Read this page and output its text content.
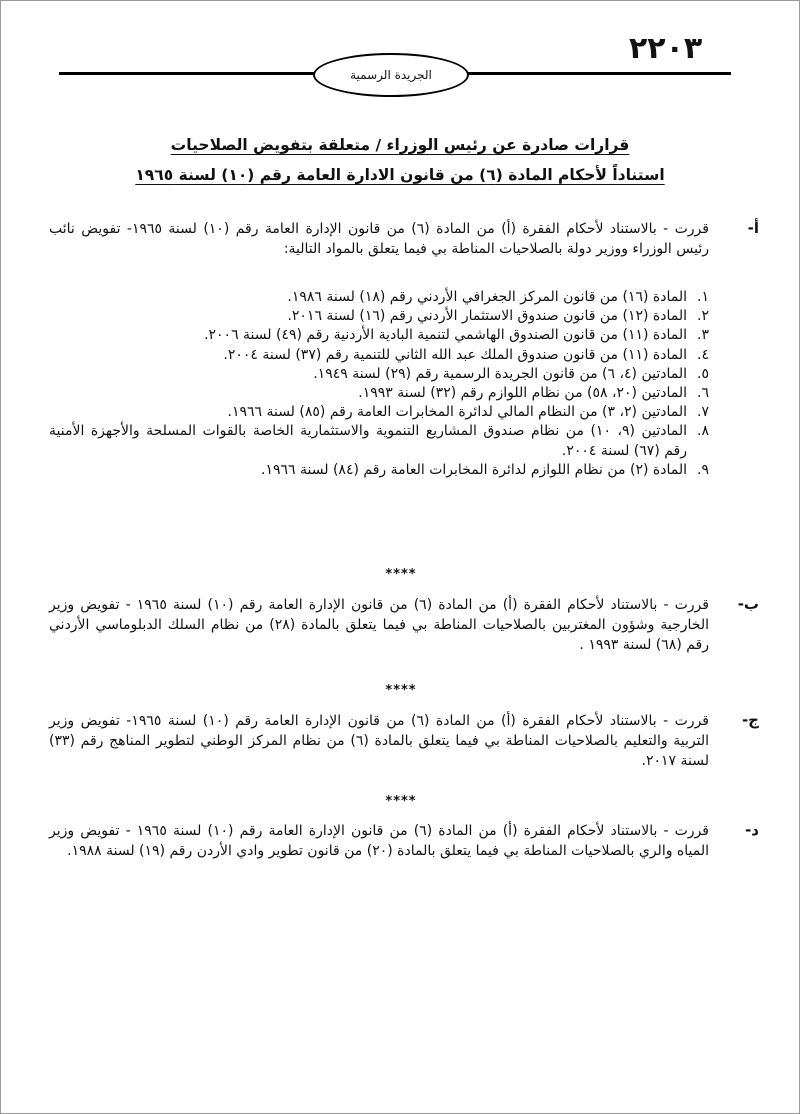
٢٢٠٣
الجريدة الرسمية
قرارات صادرة عن رئيس الوزراء / متعلقة بتفويض الصلاحيات
استناداً لأحكام المادة (٦) من قانون الادارة العامة رقم (١٠) لسنة ١٩٦٥
أ-
قررت - بالاستناد لأحكام الفقرة (أ) من المادة (٦) من قانون الإدارة العامة رقم (١٠) لسنة ١٩٦٥- تفويض نائب رئيس الوزراء ووزير دولة بالصلاحيات المناطة بي فيما يتعلق بالمواد التالية:
١.
المادة (١٦) من قانون المركز الجغرافي الأردني رقم (١٨) لسنة ١٩٨٦.
٢.
المادة (١٢) من قانون صندوق الاستثمار الأردني رقم (١٦) لسنة ٢٠١٦.
٣.
المادة (١١) من قانون الصندوق الهاشمي لتنمية البادية الأردنية رقم (٤٩) لسنة ٢٠٠٦.
٤.
المادة (١١) من قانون صندوق الملك عبد الله الثاني للتنمية رقم (٣٧) لسنة ٢٠٠٤.
٥.
المادتين (٤، ٦) من قانون الجريدة الرسمية رقم (٢٩) لسنة ١٩٤٩.
٦.
المادتين (٢٠، ٥٨) من نظام اللوازم رقم (٣٢) لسنة ١٩٩٣.
٧.
المادتين (٢، ٣) من النظام المالي لدائرة المخابرات العامة رقم (٨٥) لسنة ١٩٦٦.
٨.
المادتين (٩، ١٠) من نظام صندوق المشاريع التنموية والاستثمارية الخاصة بالقوات المسلحة والأجهزة الأمنية رقم (٦٧) لسنة ٢٠٠٤.
٩.
المادة (٢) من نظام اللوازم لدائرة المخابرات العامة رقم (٨٤) لسنة ١٩٦٦.
****
ب-
قررت - بالاستناد لأحكام الفقرة (أ) من المادة (٦) من قانون الإدارة العامة رقم (١٠) لسنة ١٩٦٥ - تفويض وزير الخارجية وشؤون المغتربين بالصلاحيات المناطة بي فيما يتعلق بالمادة (٢٨) من نظام السلك الدبلوماسي الأردني رقم (٦٨) لسنة ١٩٩٣ .
****
ج-
قررت - بالاستناد لأحكام الفقرة (أ) من المادة (٦) من قانون الإدارة العامة رقم (١٠) لسنة ١٩٦٥- تفويض وزير التربية والتعليم بالصلاحيات المناطة بي فيما يتعلق بالمادة (٦) من نظام المركز الوطني لتطوير المناهج رقم (٣٣) لسنة ٢٠١٧.
****
د-
قررت - بالاستناد لأحكام الفقرة (أ) من المادة (٦) من قانون الإدارة العامة رقم (١٠) لسنة ١٩٦٥ - تفويض وزير المياه والري بالصلاحيات المناطة بي فيما يتعلق بالمادة (٢٠) من قانون تطوير وادي الأردن رقم (١٩) لسنة ١٩٨٨.
